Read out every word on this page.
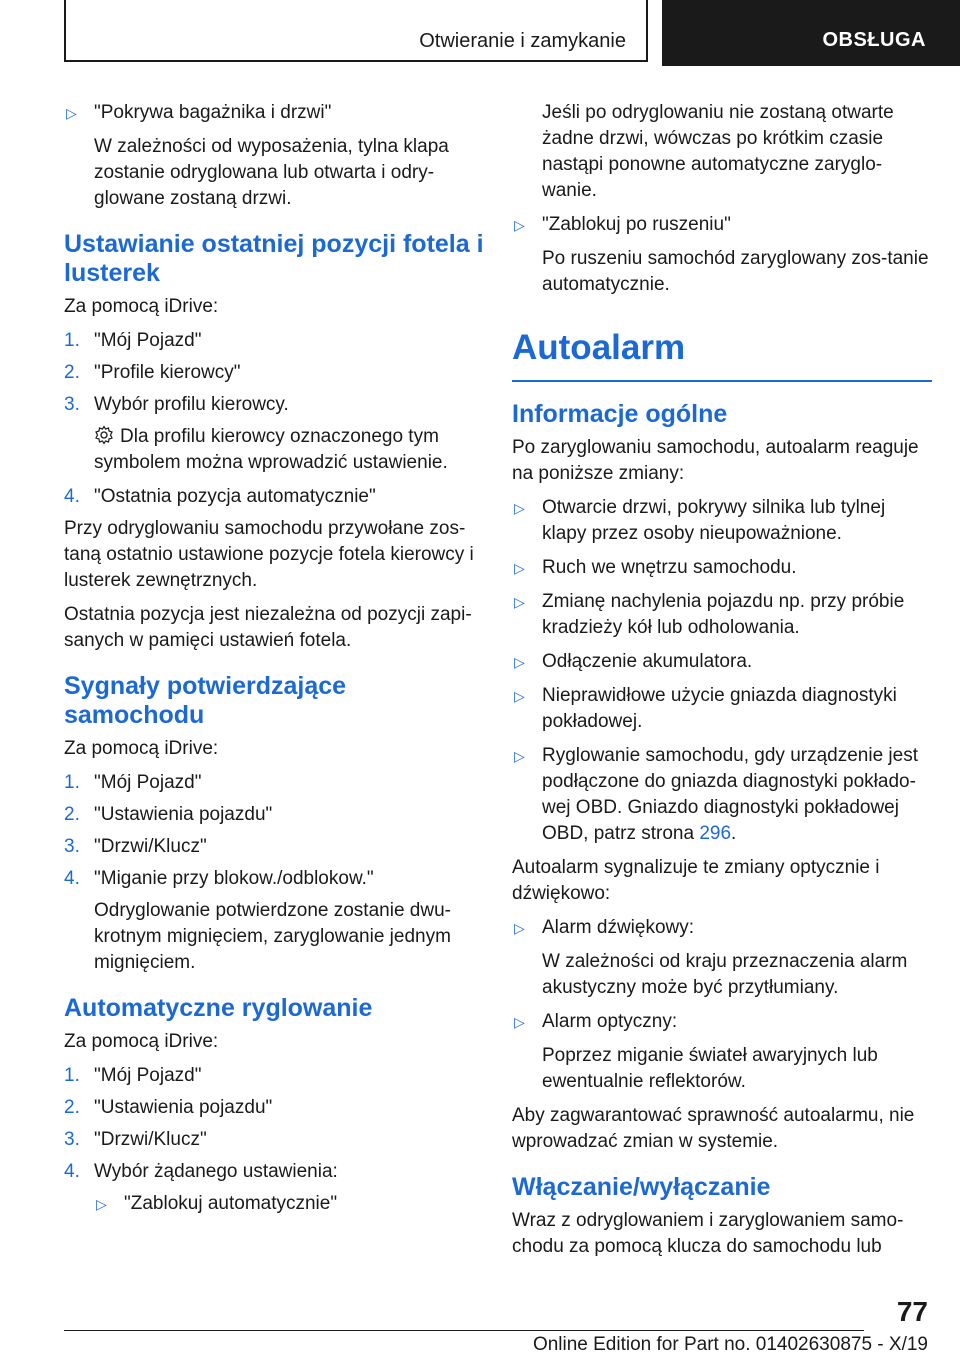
Otwieranie i zamykanie	OBSŁUGA
▷ "Pokrywa bagażnika i drzwi"

W zależności od wyposażenia, tylna klapa zostanie odryglowana lub otwarta i odry‐glowane zostaną drzwi.

Ustawianie ostatniej pozycji fotela i lusterek

Za pomocą iDrive:

1. "Mój Pojazd"
2. "Profile kierowcy"
3. Wybór profilu kierowcy.

Dla profilu kierowcy oznaczonego tym symbolem można wprowadzić ustawienie.

4. "Ostatnia pozycja automatycznie"

Przy odryglowaniu samochodu przywołane zos‐taną ostatnio ustawione pozycje fotela kierowcy i lusterek zewnętrznych.

Ostatnia pozycja jest niezależna od pozycji zapi‐sanych w pamięci ustawień fotela.

Sygnały potwierdzające samochodu

Za pomocą iDrive:

1. "Mój Pojazd"
2. "Ustawienia pojazdu"
3. "Drzwi/Klucz"
4. "Miganie przy blokow./odblokow."

Odryglowanie potwierdzone zostanie dwu‐krotnym mignięciem, zaryglowanie jednym mignięciem.

Automatyczne ryglowanie

Za pomocą iDrive:

1. "Mój Pojazd"
2. "Ustawienia pojazdu"
3. "Drzwi/Klucz"
4. Wybór żądanego ustawienia:
▷ "Zablokuj automatycznie"

Jeśli po odryglowaniu nie zostaną otwarte żadne drzwi, wówczas po krótkim czasie nastąpi ponowne automatyczne zaryglo‐wanie.

▷ "Zablokuj po ruszeniu"

Po ruszeniu samochód zaryglowany zos‐tanie automatycznie.

Autoalarm
Informacje ogólne

Po zaryglowaniu samochodu, autoalarm reaguje na poniższe zmiany:

▷ Otwarcie drzwi, pokrywy silnika lub tylnej klapy przez osoby nieupoważnione.
▷ Ruch we wnętrzu samochodu.
▷ Zmianę nachylenia pojazdu np. przy próbie kradzieży kół lub odholowania.
▷ Odłączenie akumulatora.
▷ Nieprawidłowe użycie gniazda diagnostyki pokładowej.
▷ Ryglowanie samochodu, gdy urządzenie jest podłączone do gniazda diagnostyki pokłado‐wej OBD. Gniazdo diagnostyki pokładowej OBD, patrz strona 296.

Autoalarm sygnalizuje te zmiany optycznie i dźwiękowo:

▷ Alarm dźwiękowy:

W zależności od kraju przeznaczenia alarm akustyczny może być przytłumiany.

▷ Alarm optyczny:

Poprzez miganie świateł awaryjnych lub ewentualnie reflektorów.

Aby zagwarantować sprawność autoalarmu, nie wprowadzać zmian w systemie.

Włączanie/wyłączanie

Wraz z odryglowaniem i zaryglowaniem samo‐chodu za pomocą klucza do samochodu lub

77
Online Edition for Part no. 01402630875 - X/19
